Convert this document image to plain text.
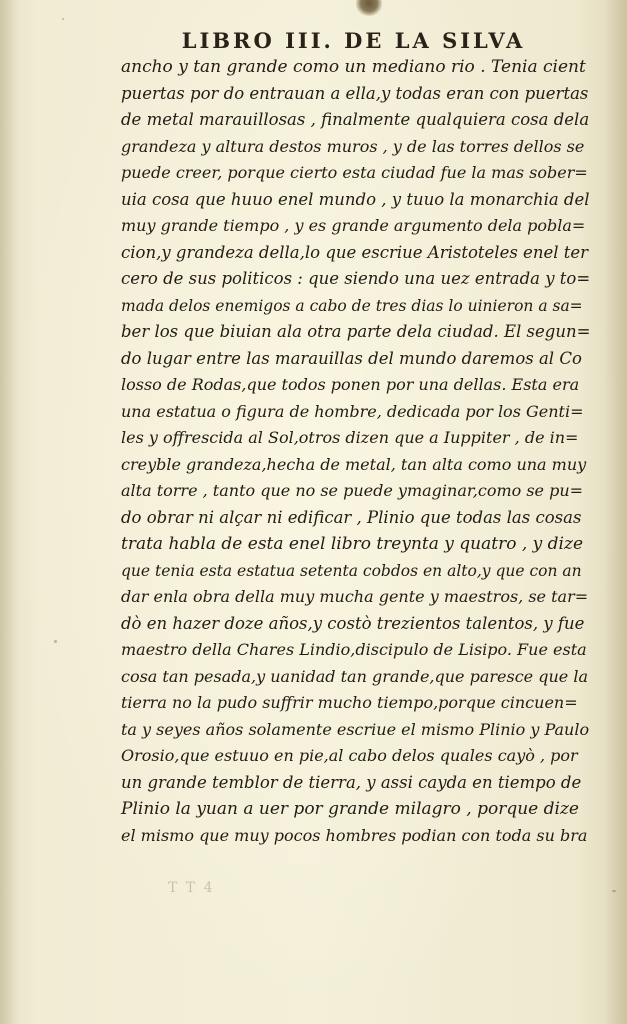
LIBRO III. DE LA SILVA
ancho y tan grande como un mediano rio . Tenia cient
puertas por do entrauan a ella,y todas eran con puertas
de metal marauillosas , finalmente qualquiera cosa dela
grandeza y altura destos muros , y de las torres dellos se
puede creer, porque cierto esta ciudad fue la mas sober=
uia cosa que huuo enel mundo , y tuuo la monarchia del
muy grande tiempo , y es grande argumento dela pobla=
cion,y grandeza della,lo que escriue Aristoteles enel ter
cero de sus politicos : que siendo una uez entrada y to=
mada delos enemigos a cabo de tres dias lo uinieron a sa=
ber los que biuian ala otra parte dela ciudad. El segun=
do lugar entre las marauillas del mundo daremos al Co
losso de Rodas,que todos ponen por una dellas. Esta era
una estatua o figura de hombre, dedicada por los Genti=
les y offrescida al Sol,otros dizen que a Iuppiter , de in=
creyble grandeza,hecha de metal, tan alta como una muy
alta torre , tanto que no se puede ymaginar,como se pu=
do obrar ni alçar ni edificar , Plinio que todas las cosas
trata habla de esta enel libro treynta y quatro , y dize
que tenia esta estatua setenta cobdos en alto,y que con an
dar enla obra della muy mucha gente y maestros, se tar=
dò en hazer doze años,y costò trezientos talentos, y fue
maestro della Chares Lindio,discipulo de Lisipo. Fue esta
cosa tan pesada,y uanidad tan grande,que paresce que la
tierra no la pudo suffrir mucho tiempo,porque cincuen=
ta y seyes años solamente escriue el mismo Plinio y Paulo
Orosio,que estuuo en pie,al cabo delos quales cayò , por
un grande temblor de tierra, y assi cayda en tiempo de
Plinio la yuan a uer por grande milagro , porque dize
el mismo que muy pocos hombres podian con toda su bra
T T 4
